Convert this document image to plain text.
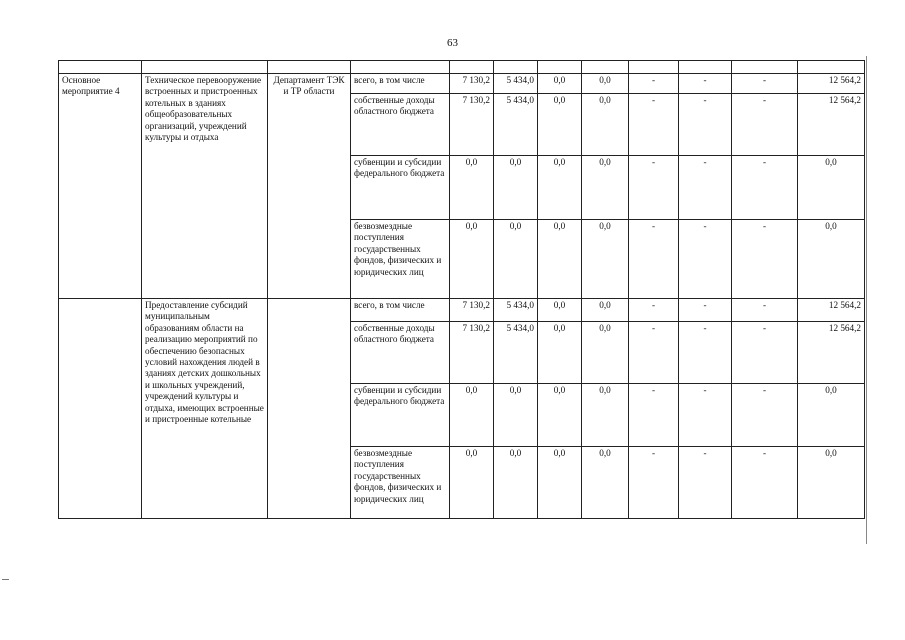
63

Основное мероприятие 4	Техническое перевооружение встроенных и пристроенных котельных в зданиях общеобразовательных организаций, учреждений культуры и отдыха	Департамент ТЭК и ТР области	всего, в том числе	7 130,2	5 434,0	0,0	0,0	-	-	-	12 564,2
			собственные доходы областного бюджета	7 130,2	5 434,0	0,0	0,0	-	-	-	12 564,2
			субвенции и субсидии федерального бюджета	0,0	0,0	0,0	0,0	-	-	-	0,0
			безвозмездные поступления государственных фондов, физических и юридических лиц	0,0	0,0	0,0	0,0	-	-	-	0,0
	Предоставление субсидий муниципальным образованиям области на реализацию мероприятий по обеспечению безопасных условий нахождения людей в зданиях детских дошкольных и школьных учреждений, учреждений культуры и отдыха, имеющих встроенные и пристроенные котельные		всего, в том числе	7 130,2	5 434,0	0,0	0,0	-	-	-	12 564,2
			собственные доходы областного бюджета	7 130,2	5 434,0	0,0	0,0	-	-	-	12 564,2
			субвенции и субсидии федерального бюджета	0,0	0,0	0,0	0,0	-	-	-	0,0
			безвозмездные поступления государственных фондов, физических и юридических лиц	0,0	0,0	0,0	0,0	-	-	-	0,0
